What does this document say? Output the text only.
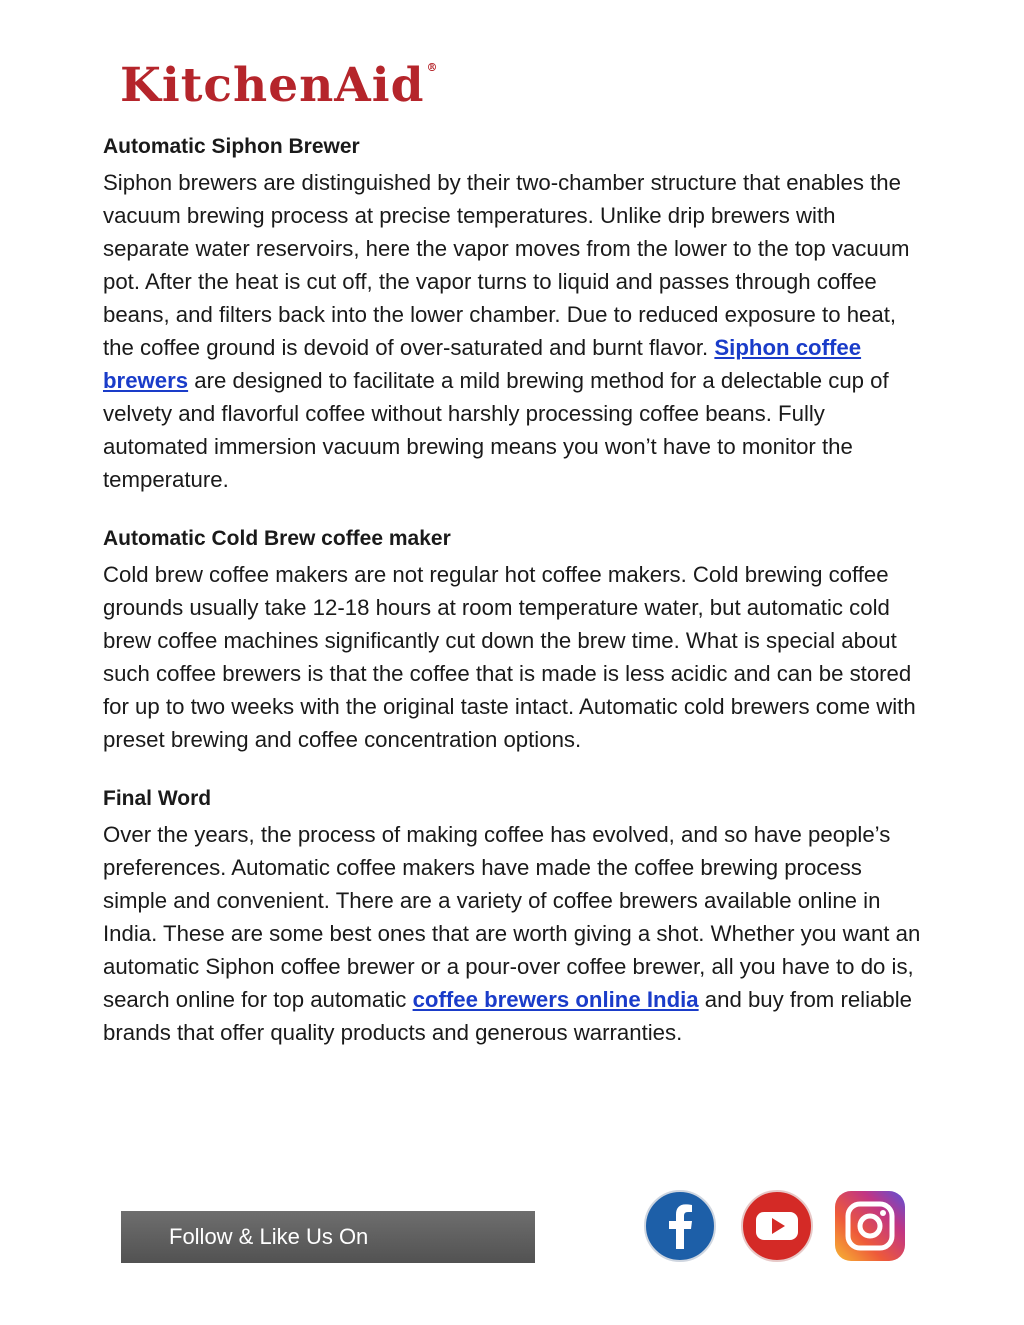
KitchenAid ®

Automatic Siphon Brewer

Siphon brewers are distinguished by their two-chamber structure that enables the vacuum brewing process at precise temperatures. Unlike drip brewers with separate water reservoirs, here the vapor moves from the lower to the top vacuum pot. After the heat is cut off, the vapor turns to liquid and passes through coffee beans, and filters back into the lower chamber. Due to reduced exposure to heat, the coffee ground is devoid of over-saturated and burnt flavor. Siphon coffee brewers are designed to facilitate a mild brewing method for a delectable cup of velvety and flavorful coffee without harshly processing coffee beans. Fully automated immersion vacuum brewing means you won’t have to monitor the temperature.

Automatic Cold Brew coffee maker

Cold brew coffee makers are not regular hot coffee makers. Cold brewing coffee grounds usually take 12-18 hours at room temperature water, but automatic cold brew coffee machines significantly cut down the brew time. What is special about such coffee brewers is that the coffee that is made is less acidic and can be stored for up to two weeks with the original taste intact. Automatic cold brewers come with preset brewing and coffee concentration options.

Final Word

Over the years, the process of making coffee has evolved, and so have people’s preferences. Automatic coffee makers have made the coffee brewing process simple and convenient. There are a variety of coffee brewers available online in India. These are some best ones that are worth giving a shot. Whether you want an automatic Siphon coffee brewer or a pour-over coffee brewer, all you have to do is, search online for top automatic coffee brewers online India and buy from reliable brands that offer quality products and generous warranties.

Follow & Like Us On
